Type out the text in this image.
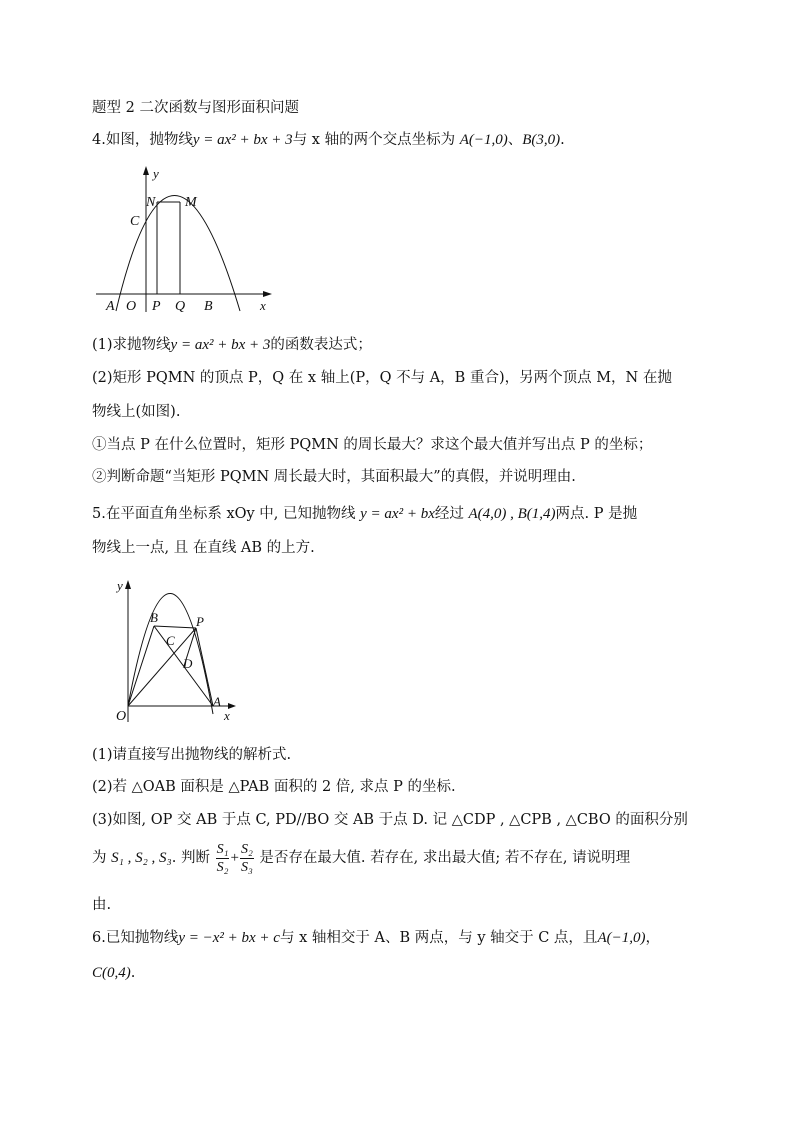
题型 2 二次函数与图形面积问题
4.如图，抛物线y = ax² + bx + 3与 x 轴的两个交点坐标为 A(−1,0)、B(3,0).
y
x
N M
C
A O P Q B
(1)求抛物线y = ax² + bx + 3的函数表达式；
(2)矩形 PQMN 的顶点 P，Q 在 x 轴上(P，Q 不与 A，B 重合)，另两个顶点 M，N 在抛
物线上(如图).
①当点 P 在什么位置时，矩形 PQMN 的周长最大？求这个最大值并写出点 P 的坐标；
②判断命题“当矩形 PQMN 周长最大时，其面积最大”的真假，并说明理由.
5.在平面直角坐标系 xOy 中, 已知抛物线 y = ax² + bx经过 A(4,0) , B(1,4)两点. P 是抛
物线上一点, 且 在直线 AB 的上方.
y
x
O
A
B	P
C
D
(1)请直接写出抛物线的解析式.
(2)若 △OAB 面积是 △PAB 面积的 2 倍, 求点 P 的坐标.
(3)如图, OP 交 AB 于点 C, PD//BO 交 AB 于点 D. 记 △CDP , △CPB , △CBO 的面积分别
为 S₁ , S₂ , S₃. 判断 $\frac{\text{S₁}}{\text{S₂}} + \frac{\text{S₂}}{\text{S₃}}$ 是否存在最大值. 若存在, 求出最大值; 若不存在, 请说明理
由.
6.已知抛物线y = −x² + bx + c与 x 轴相交于 A、B 两点，与 y 轴交于 C 点，且A(−1,0)，
C(0,4).
